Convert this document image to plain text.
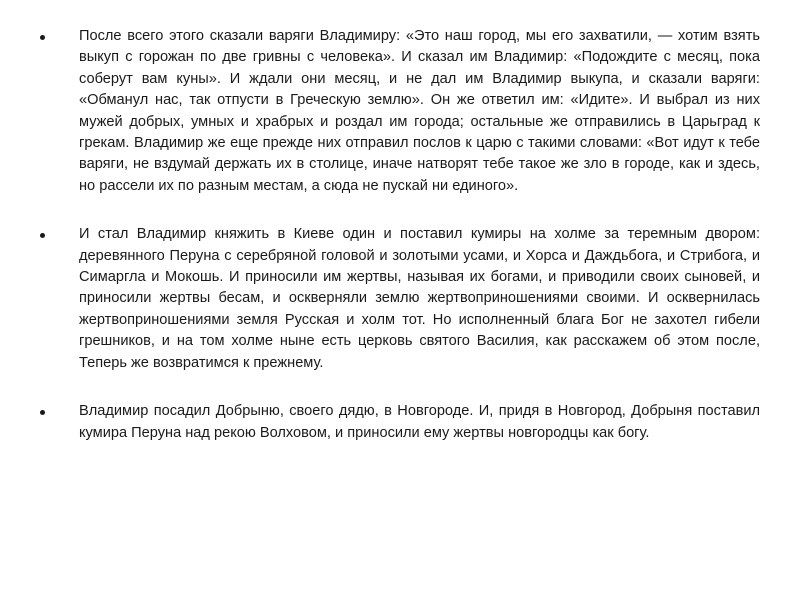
После всего этого сказали варяги Владимиру: «Это наш город, мы его захватили, — хотим взять выкуп с горожан по две гривны с человека». И сказал им Владимир: «Подождите с месяц, пока соберут вам куны». И ждали они месяц, и не дал им Владимир выкупа, и сказали варяги: «Обманул нас, так отпусти в Греческую землю». Он же ответил им: «Идите». И выбрал из них мужей добрых, умных и храбрых и роздал им города; остальные же отправились в Царьград к грекам. Владимир же еще прежде них отправил послов к царю с такими словами: «Вот идут к тебе варяги, не вздумай держать их в столице, иначе натворят тебе такое же зло в городе, как и здесь, но рассели их по разным местам, а сюда не пускай ни единого».
И стал Владимир княжить в Киеве один и поставил кумиры на холме за теремным двором: деревянного Перуна с серебряной головой и золотыми усами, и Хорса и Даждьбога, и Стрибога, и Симаргла и Мокошь. И приносили им жертвы, называя их богами, и приводили своих сыновей, и приносили жертвы бесам, и оскверняли землю жертвоприношениями своими. И осквернилась жертвоприношениями земля Русская и холм тот. Но исполненный блага Бог не захотел гибели грешников, и на том холме ныне есть церковь святого Василия, как расскажем об этом после, Теперь же возвратимся к прежнему.
Владимир посадил Добрыню, своего дядю, в Новгороде. И, придя в Новгород, Добрыня поставил кумира Перуна над рекою Волховом, и приносили ему жертвы новгородцы как богу.
